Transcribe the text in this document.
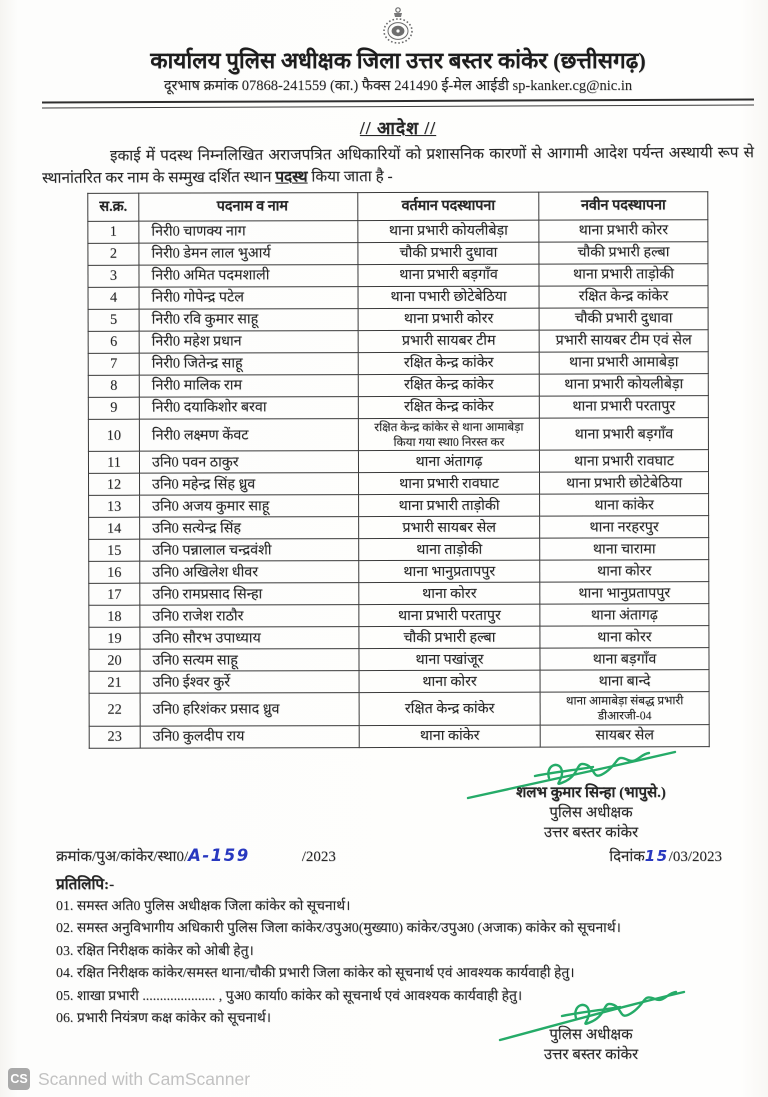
कार्यालय पुलिस अधीक्षक जिला उत्तर बस्तर कांकेर (छत्तीसगढ़)

दूरभाष क्रमांक 07868-241559 (का.) फैक्स 241490 ई-मेल आईडी sp-kanker.cg@nic.in

// आदेश //

इकाई में पदस्थ निम्नलिखित अराजपत्रित अधिकारियों को प्रशासनिक कारणों से आगामी आदेश पर्यन्त अस्थायी रूप से स्थानांतरित कर नाम के सम्मुख दर्शित स्थान पदस्थ किया जाता है -

स.क्र.	पदनाम व नाम	वर्तमान पदस्थापना	नवीन पदस्थापना
1	निरी0 चाणक्य नाग	थाना प्रभारी कोयलीबेड़ा	थाना प्रभारी कोरर
2	निरी0 डेमन लाल भुआर्य	चौकी प्रभारी दुधावा	चौकी प्रभारी हल्बा
3	निरी0 अमित पदमशाली	थाना प्रभारी बड़गाँव	थाना प्रभारी ताड़ोकी
4	निरी0 गोपेन्द्र पटेल	थाना पभारी छोटेबेठिया	रक्षित केन्द्र कांकेर
5	निरी0 रवि कुमार साहू	थाना प्रभारी कोरर	चौकी प्रभारी दुधावा
6	निरी0 महेश प्रधान	प्रभारी सायबर टीम	प्रभारी सायबर टीम एवं सेल
7	निरी0 जितेन्द्र साहू	रक्षित केन्द्र कांकेर	थाना प्रभारी आमाबेड़ा
8	निरी0 मालिक राम	रक्षित केन्द्र कांकेर	थाना प्रभारी कोयलीबेड़ा
9	निरी0 दयाकिशोर बरवा	रक्षित केन्द्र कांकेर	थाना प्रभारी परतापुर
10	निरी0 लक्ष्मण केंवट	रक्षित केन्द्र कांकेर से थाना आमाबेड़ा किया गया स्था0 निरस्त कर	थाना प्रभारी बड़गाँव
11	उनि0 पवन ठाकुर	थाना अंतागढ़	थाना प्रभारी रावघाट
12	उनि0 महेन्द्र सिंह ध्रुव	थाना प्रभारी रावघाट	थाना प्रभारी छोटेबेठिया
13	उनि0 अजय कुमार साहू	थाना प्रभारी ताड़ोकी	थाना कांकेर
14	उनि0 सत्येन्द्र सिंह	प्रभारी सायबर सेल	थाना नरहरपुर
15	उनि0 पन्नालाल चन्द्रवंशी	थाना ताड़ोकी	थाना चारामा
16	उनि0 अखिलेश धीवर	थाना भानुप्रतापपुर	थाना कोरर
17	उनि0 रामप्रसाद सिन्हा	थाना कोरर	थाना भानुप्रतापपुर
18	उनि0 राजेश राठौर	थाना प्रभारी परतापुर	थाना अंतागढ़
19	उनि0 सौरभ उपाध्याय	चौकी प्रभारी हल्बा	थाना कोरर
20	उनि0 सत्यम साहू	थाना पखांजूर	थाना बड़गाँव
21	उनि0 ईश्वर कुर्रे	थाना कोरर	थाना बान्दे
22	उनि0 हरिशंकर प्रसाद ध्रुव	रक्षित केन्द्र कांकेर	थाना आमाबेड़ा संबद्ध प्रभारी डीआरजी-04
23	उनि0 कुलदीप राय	थाना कांकेर	सायबर सेल
शलभ कुमार सिन्हा (भापुसे.)
पुलिस अधीक्षक
उत्तर बस्तर कांकेर
क्रमांक/पुअ/कांकेर/स्था0/ A-159	/2023	दिनांक 15 /03/2023
प्रतिलिपि:-
01. समस्त अति0 पुलिस अधीक्षक जिला कांकेर को सूचनार्थ।
02. समस्त अनुविभागीय अधिकारी पुलिस जिला कांकेर/उपुअ0(मुख्या0) कांकेर/उपुअ0 (अजाक) कांकेर को सूचनार्थ।
03. रक्षित निरीक्षक कांकेर को ओबी हेतु।
04. रक्षित निरीक्षक कांकेर/समस्त थाना/चौकी प्रभारी जिला कांकेर को सूचनार्थ एवं आवश्यक कार्यवाही हेतु।
05. शाखा प्रभारी ..................... , पुअ0 कार्या0 कांकेर को सूचनार्थ एवं आवश्यक कार्यवाही हेतु।
06. प्रभारी नियंत्रण कक्ष कांकेर को सूचनार्थ।
पुलिस अधीक्षक
उत्तर बस्तर कांकेर
CS Scanned with CamScanner
